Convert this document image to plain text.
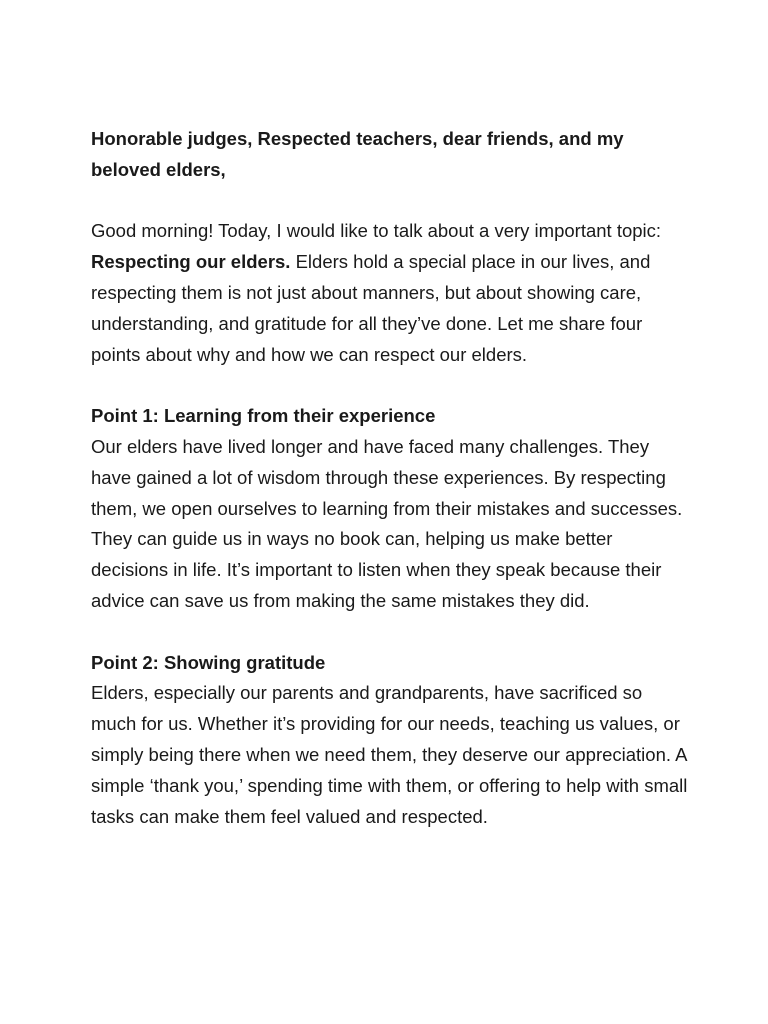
Honorable judges, Respected teachers, dear friends, and my beloved elders,

Good morning! Today, I would like to talk about a very important topic: Respecting our elders. Elders hold a special place in our lives, and respecting them is not just about manners, but about showing care, understanding, and gratitude for all they’ve done. Let me share four points about why and how we can respect our elders.

Point 1: Learning from their experience

Our elders have lived longer and have faced many challenges. They have gained a lot of wisdom through these experiences. By respecting them, we open ourselves to learning from their mistakes and successes. They can guide us in ways no book can, helping us make better decisions in life. It’s important to listen when they speak because their advice can save us from making the same mistakes they did.

Point 2: Showing gratitude

Elders, especially our parents and grandparents, have sacrificed so much for us. Whether it’s providing for our needs, teaching us values, or simply being there when we need them, they deserve our appreciation. A simple ‘thank you,’ spending time with them, or offering to help with small tasks can make them feel valued and respected.
